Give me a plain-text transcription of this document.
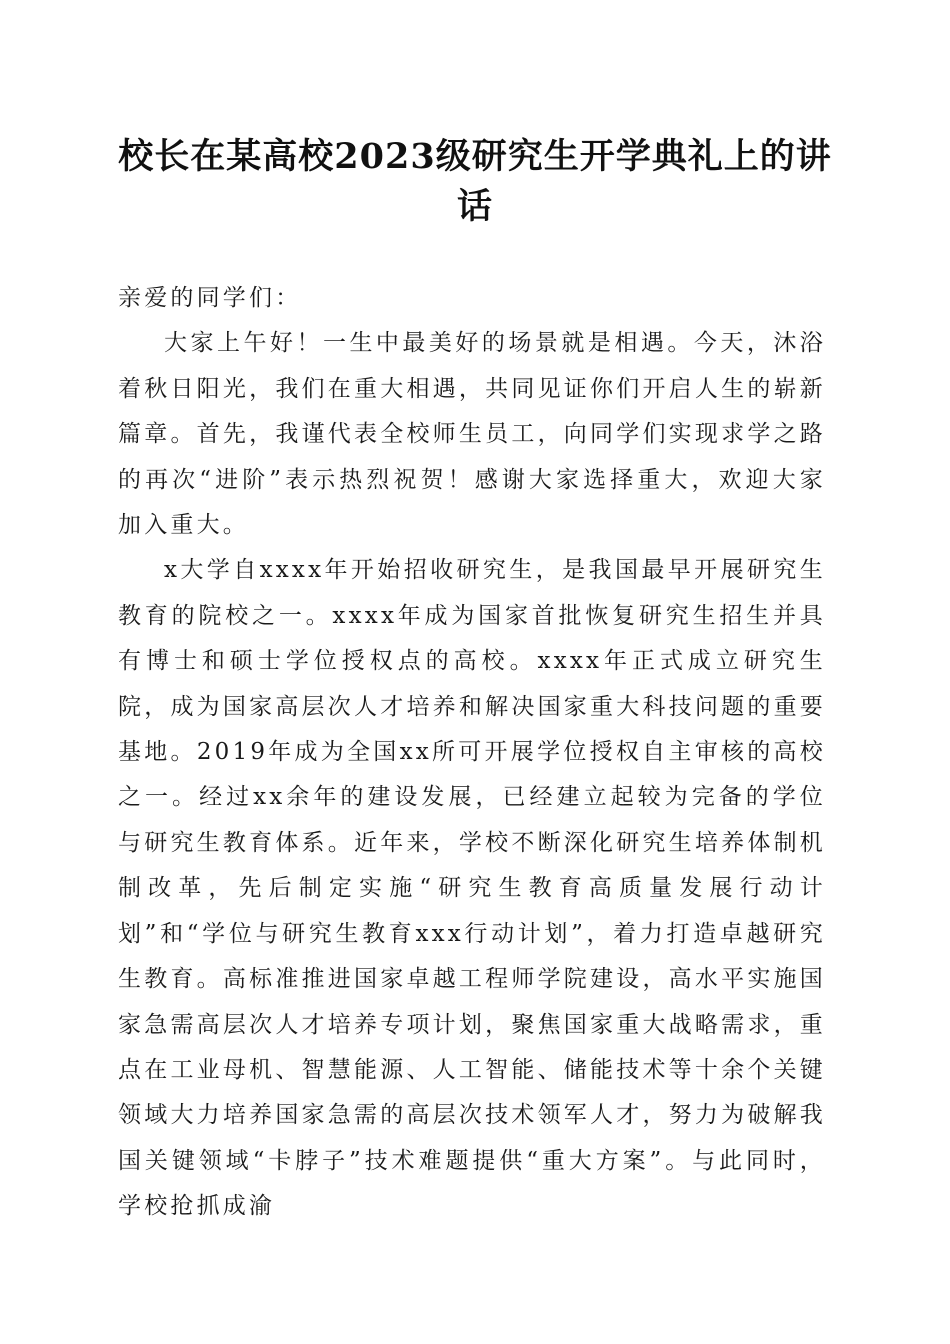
校长在某高校2023级研究生开学典礼上的讲话

亲爱的同学们：

大家上午好！一生中最美好的场景就是相遇。今天，沐浴着秋日阳光，我们在重大相遇，共同见证你们开启人生的崭新篇章。首先，我谨代表全校师生员工，向同学们实现求学之路的再次“进阶”表示热烈祝贺！感谢大家选择重大，欢迎大家加入重大。

x大学自xxxx年开始招收研究生，是我国最早开展研究生教育的院校之一。xxxx年成为国家首批恢复研究生招生并具有博士和硕士学位授权点的高校。xxxx年正式成立研究生院，成为国家高层次人才培养和解决国家重大科技问题的重要基地。2019年成为全国xx所可开展学位授权自主审核的高校之一。经过xx余年的建设发展，已经建立起较为完备的学位与研究生教育体系。近年来，学校不断深化研究生培养体制机制改革，先后制定实施“研究生教育高质量发展行动计划”和“学位与研究生教育xxx行动计划”，着力打造卓越研究生教育。高标准推进国家卓越工程师学院建设，高水平实施国家急需高层次人才培养专项计划，聚焦国家重大战略需求，重点在工业母机、智慧能源、人工智能、储能技术等十余个关键领域大力培养国家急需的高层次技术领军人才，努力为破解我国关键领域“卡脖子”技术难题提供“重大方案”。与此同时，学校抢抓成渝
